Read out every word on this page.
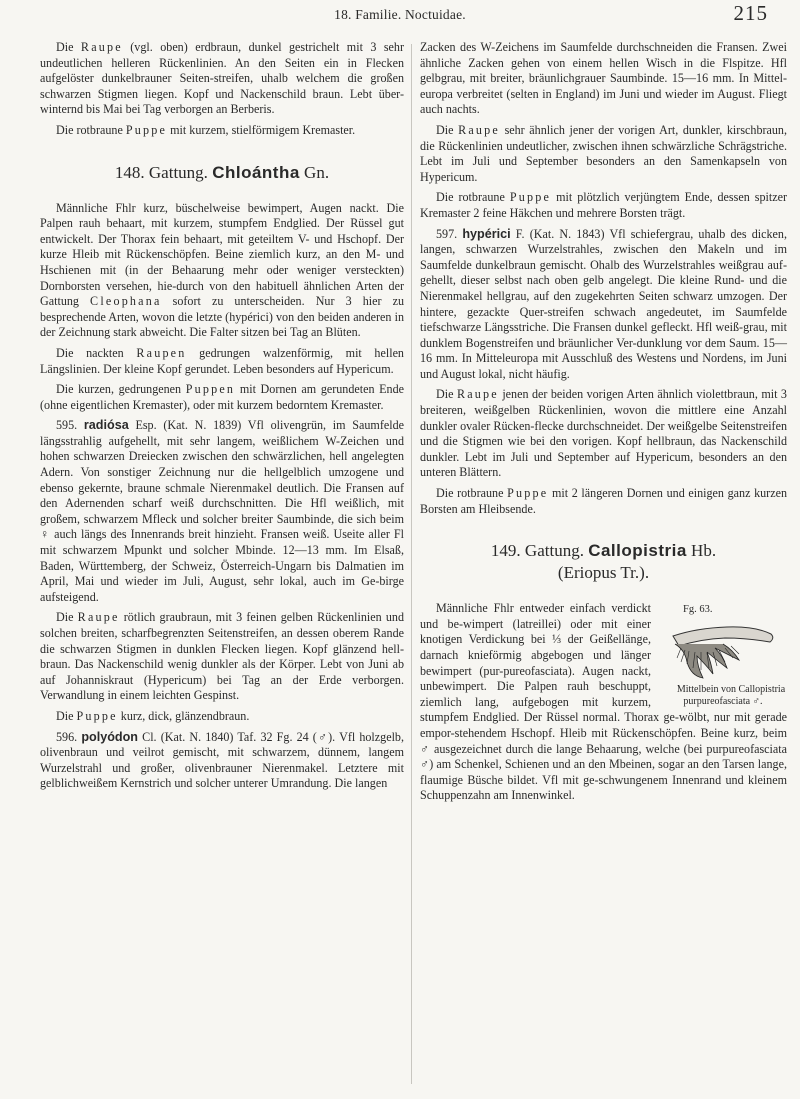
18. Familie. Noctuidae.	215

Die Raupe (vgl. oben) erdbraun, dunkel gestrichelt mit 3 sehr undeutlichen helleren Rückenlinien. An den Seiten ein in Flecken aufgelöster dunkelbrauner Seiten-streifen, uhalb welchem die großen schwarzen Stigmen liegen. Kopf und Nackenschild braun. Lebt über-winternd bis Mai bei Tag verborgen an Berberis.

Die rotbraune Puppe mit kurzem, stielförmigem Kremaster.

148. Gattung. Chloántha Gn.

Männliche Fhlr kurz, büschelweise bewimpert, Augen nackt. Die Palpen rauh behaart, mit kurzem, stumpfem Endglied. Der Rüssel gut entwickelt. Der Thorax fein behaart, mit geteiltem V- und Hschopf. Der kurze Hleib mit Rückenschöpfen. Beine ziemlich kurz, an den M- und Hschienen mit (in der Behaarung mehr oder weniger versteckten) Dornborsten versehen, hie-durch von den habituell ähnlichen Arten der Gattung Cleophana sofort zu unterscheiden. Nur 3 hier zu besprechende Arten, wovon die letzte (hypérici) von den beiden anderen in der Zeichnung stark abweicht. Die Falter sitzen bei Tag an Blüten.

Die nackten Raupen gedrungen walzenförmig, mit hellen Längslinien. Der kleine Kopf gerundet. Leben besonders auf Hypericum.

Die kurzen, gedrungenen Puppen mit Dornen am gerundeten Ende (ohne eigentlichen Kremaster), oder mit kurzem bedorntem Kremaster.

595. radiósa Esp. (Kat. N. 1839) Vfl olivengrün, im Saumfelde längsstrahlig aufgehellt, mit sehr langem, weißlichem W-Zeichen und hohen schwarzen Dreiecken zwischen den schwärzlichen, hell angelegten Adern. Von sonstiger Zeichnung nur die hellgelblich umzogene und ebenso gekernte, braune schmale Nierenmakel deutlich. Die Fransen auf den Adernenden scharf weiß durchschnitten. Die Hfl weißlich, mit großem, schwarzem Mfleck und solcher breiter Saumbinde, die sich beim ♀ auch längs des Innenrands breit hinzieht. Fransen weiß. Useite aller Fl mit schwarzem Mpunkt und solcher Mbinde. 12—13 mm. Im Elsaß, Baden, Württemberg, der Schweiz, Österreich-Ungarn bis Dalmatien im April, Mai und wieder im Juli, August, sehr lokal, auch im Ge-birge aufsteigend.

Die Raupe rötlich graubraun, mit 3 feinen gelben Rückenlinien und solchen breiten, scharfbegrenzten Seitenstreifen, an dessen oberem Rande die schwarzen Stigmen in dunklen Flecken liegen. Kopf glänzend hell-braun. Das Nackenschild wenig dunkler als der Körper. Lebt von Juni ab auf Johanniskraut (Hypericum) bei Tag an der Erde verborgen. Verwandlung in einem leichten Gespinst.

Die Puppe kurz, dick, glänzendbraun.

596. polyódon Cl. (Kat. N. 1840) Taf. 32 Fg. 24 (♂). Vfl holzgelb, olivenbraun und veilrot gemischt, mit schwarzem, dünnem, langem Wurzelstrahl und großer, olivenbrauner Nierenmakel. Letztere mit gelblichweißem Kernstrich und solcher unterer Umrandung. Die langen

Zacken des W-Zeichens im Saumfelde durchschneiden die Fransen. Zwei ähnliche Zacken gehen von einem hellen Wisch in die Flspitze. Hfl gelbgrau, mit breiter, bräunlichgrauer Saumbinde. 15—16 mm. In Mittel-europa verbreitet (selten in England) im Juni und wieder im August. Fliegt auch nachts.

Die Raupe sehr ähnlich jener der vorigen Art, dunkler, kirschbraun, die Rückenlinien undeutlicher, zwischen ihnen schwärzliche Schrägstriche. Lebt im Juli und September besonders an den Samenkapseln von Hypericum.

Die rotbraune Puppe mit plötzlich verjüngtem Ende, dessen spitzer Kremaster 2 feine Häkchen und mehrere Borsten trägt.

597. hypérici F. (Kat. N. 1843) Vfl schiefergrau, uhalb des dicken, langen, schwarzen Wurzelstrahles, zwischen den Makeln und im Saumfelde dunkelbraun gemischt. Ohalb des Wurzelstrahles weißgrau auf-gehellt, dieser selbst nach oben gelb angelegt. Die kleine Rund- und die Nierenmakel hellgrau, auf den zugekehrten Seiten schwarz umzogen. Der hintere, gezackte Quer-streifen schwach angedeutet, im Saumfelde tiefschwarze Längsstriche. Die Fransen dunkel gefleckt. Hfl weiß-grau, mit dunklem Bogenstreifen und bräunlicher Ver-dunklung vor dem Saum. 15—16 mm. In Mitteleuropa mit Ausschluß des Westens und Nordens, im Juni und August lokal, nicht häufig.

Die Raupe jenen der beiden vorigen Arten ähnlich violettbraun, mit 3 breiteren, weißgelben Rückenlinien, wovon die mittlere eine Anzahl dunkler ovaler Rücken-flecke durchschneidet. Der weißgelbe Seitenstreifen und die Stigmen wie bei den vorigen. Kopf hellbraun, das Nackenschild dunkler. Lebt im Juli und September auf Hypericum, besonders an den unteren Blättern.

Die rotbraune Puppe mit 2 längeren Dornen und einigen ganz kurzen Borsten am Hleibsende.

149. Gattung. Callopistria Hb.
(Eriopus Tr.).

Fg. 63.
Mittelbein von Callopistria purpureofasciata ♂.
Männliche Fhlr entweder einfach verdickt und be-wimpert (latreillei) oder mit einer knotigen Verdickung bei ⅓ der Geißellänge, darnach knieförmig abgebogen und länger bewimpert (pur-pureofasciata). Augen nackt, unbewimpert. Die Palpen rauh beschuppt, ziemlich lang, aufgebogen mit kurzem, stumpfem Endglied. Der Rüssel normal. Thorax ge-wölbt, nur mit gerade empor-stehendem Hschopf. Hleib mit Rückenschöpfen. Beine kurz, beim ♂ ausgezeichnet durch die lange Behaarung, welche (bei purpureofasciata ♂) am Schenkel, Schienen und an den Mbeinen, sogar an den Tarsen lange, flaumige Büsche bildet. Vfl mit ge-schwungenem Innenrand und kleinem Schuppenzahn am Innenwinkel.
